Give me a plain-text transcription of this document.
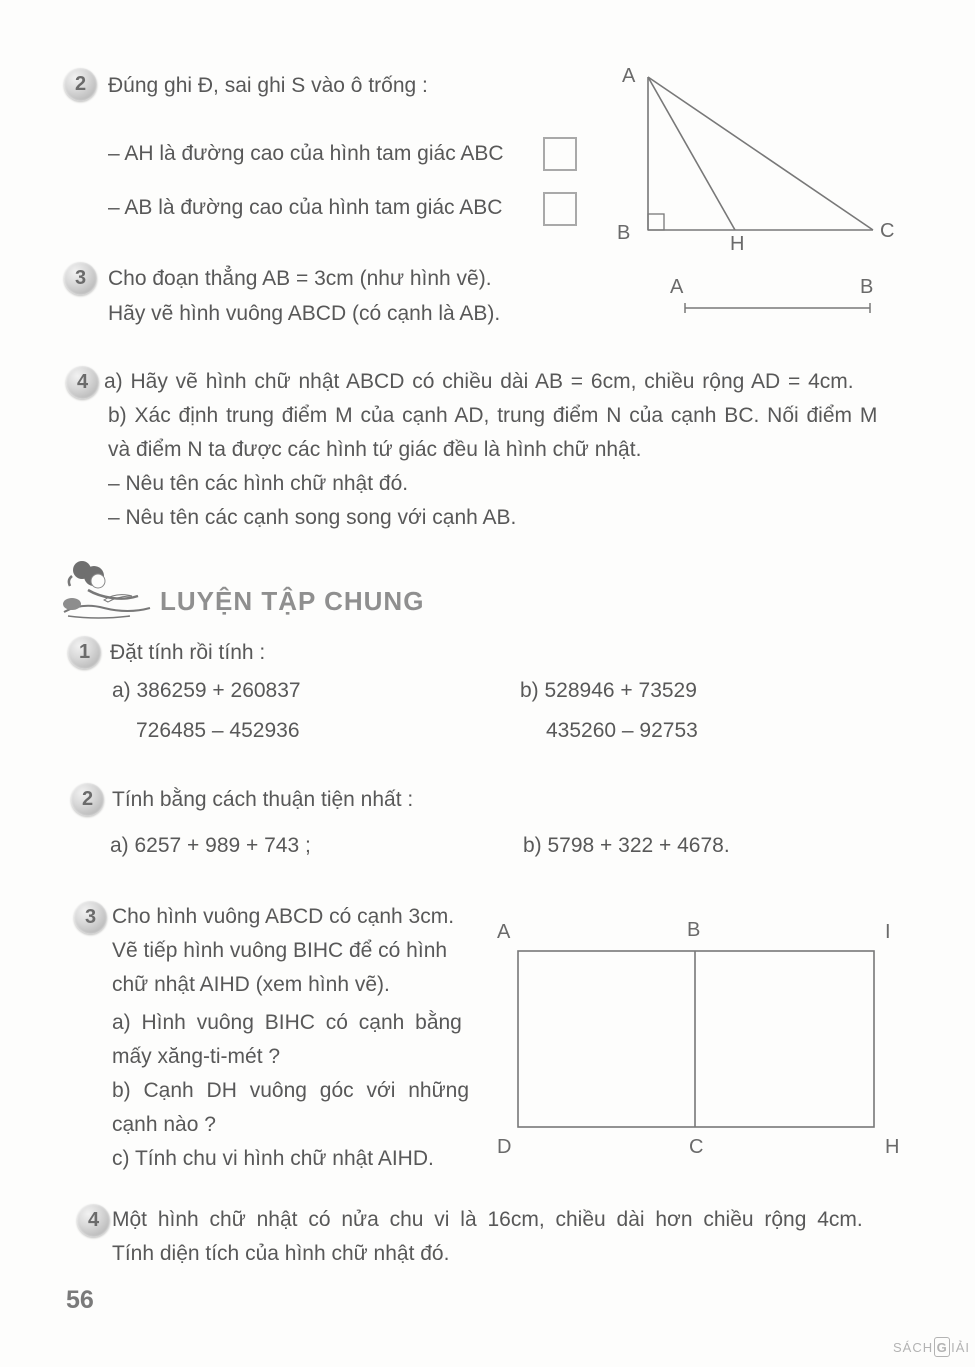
2	Đúng ghi Đ, sai ghi S vào ô trống :
– AH là đường cao của hình tam giác ABC
– AB là đường cao của hình tam giác ABC
A
B	C
H
3	Cho đoạn thẳng AB = 3cm (như hình vẽ).
Hãy vẽ hình vuông ABCD (có cạnh là AB).
A	B
4 a) Hãy vẽ hình chữ nhật ABCD có chiều dài AB = 6cm, chiều rộng AD = 4cm.
b) Xác định trung điểm M của cạnh AD, trung điểm N của cạnh BC. Nối điểm M
và điểm N ta được các hình tứ giác đều là hình chữ nhật.
– Nêu tên các hình chữ nhật đó.
– Nêu tên các cạnh song song với cạnh AB.
LUYỆN TẬP CHUNG
1 Đặt tính rồi tính :
a) 386259 + 260837	b) 528946 + 73529
726485 – 452936	435260 – 92753
2 Tính bằng cách thuận tiện nhất :
a) 6257 + 989 + 743 ;	b) 5798 + 322 + 4678.
3 Cho hình vuông ABCD có cạnh 3cm.
Vẽ tiếp hình vuông BIHC để có hình
chữ nhật AIHD (xem hình vẽ).
a) Hình vuông BIHC có cạnh bằng
mấy xăng-ti-mét ?
b) Cạnh DH vuông góc với những
cạnh nào ?
c) Tính chu vi hình chữ nhật AIHD.
A	B	I
D	C	H
4 Một hình chữ nhật có nửa chu vi là 16cm, chiều dài hơn chiều rộng 4cm.
Tính diện tích của hình chữ nhật đó.
56
SÁCH G IẢI
